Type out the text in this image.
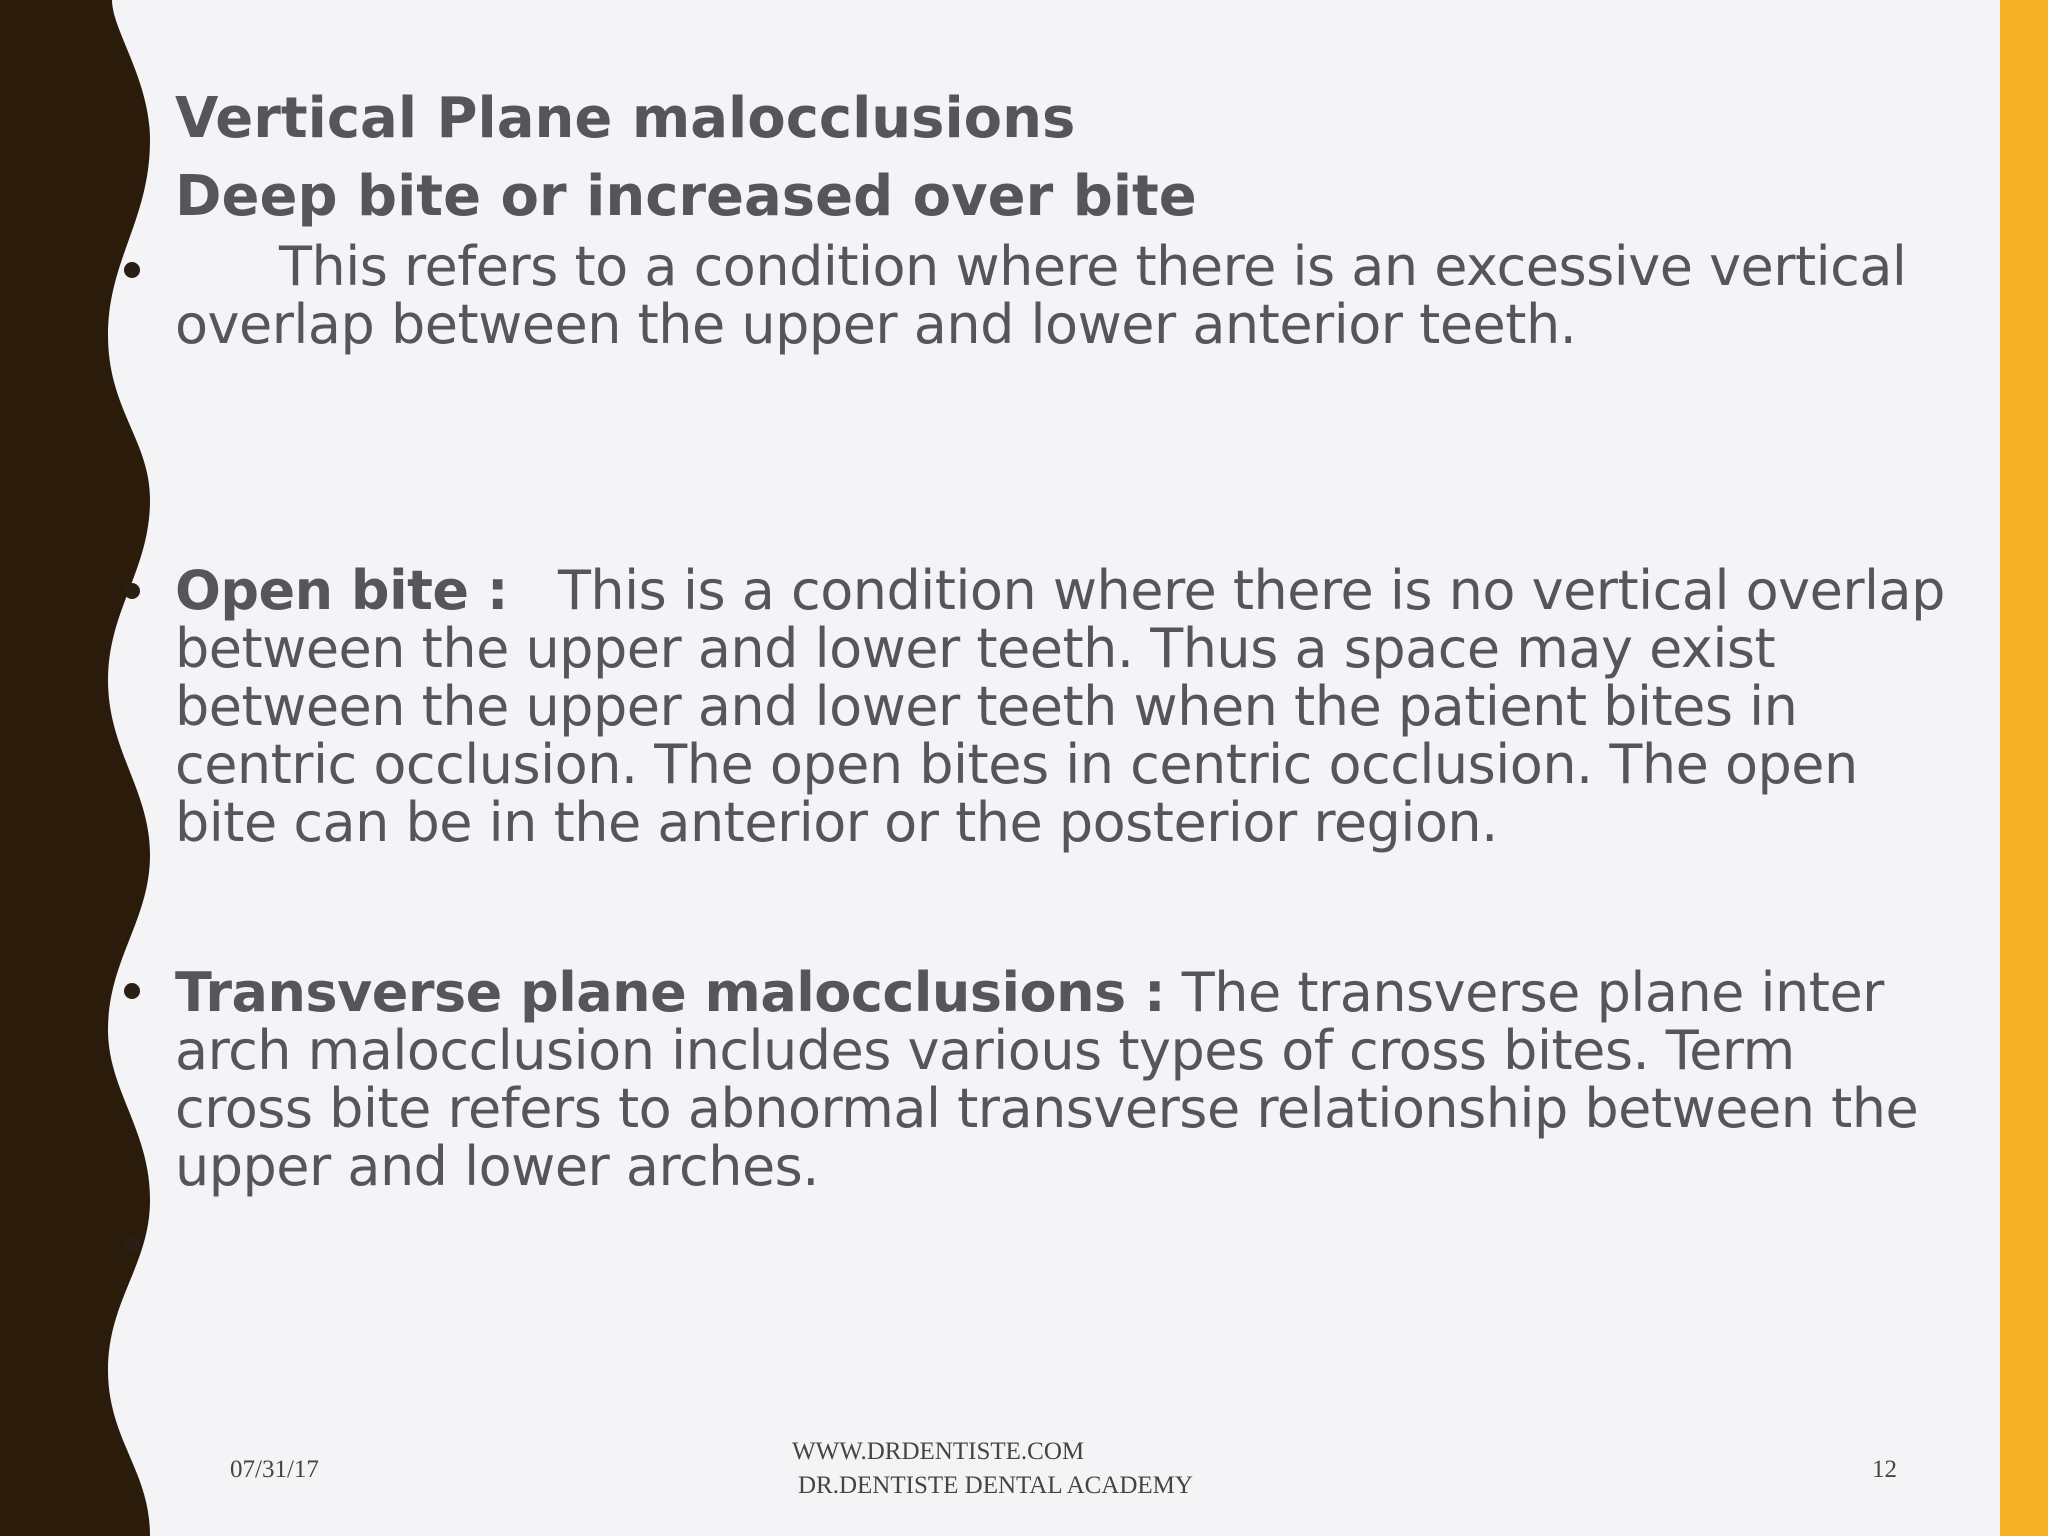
Vertical Plane malocclusions
Deep bite or increased over bite

This refers to a condition where there is an excessive vertical overlap between the upper and lower anterior teeth.

Open bite : This is a condition where there is no vertical overlap between the upper and lower teeth. Thus a space may exist between the upper and lower teeth when the patient bites in centric occlusion. The open bites in centric occlusion. The open bite can be in the anterior or the posterior region.

Transverse plane malocclusions : The transverse plane inter arch malocclusion includes various types of cross bites. Term cross bite refers to abnormal transverse relationship between the upper and lower arches.

07/31/17
WWW.DRDENTISTE.COM
DR.DENTISTE DENTAL ACADEMY
12
